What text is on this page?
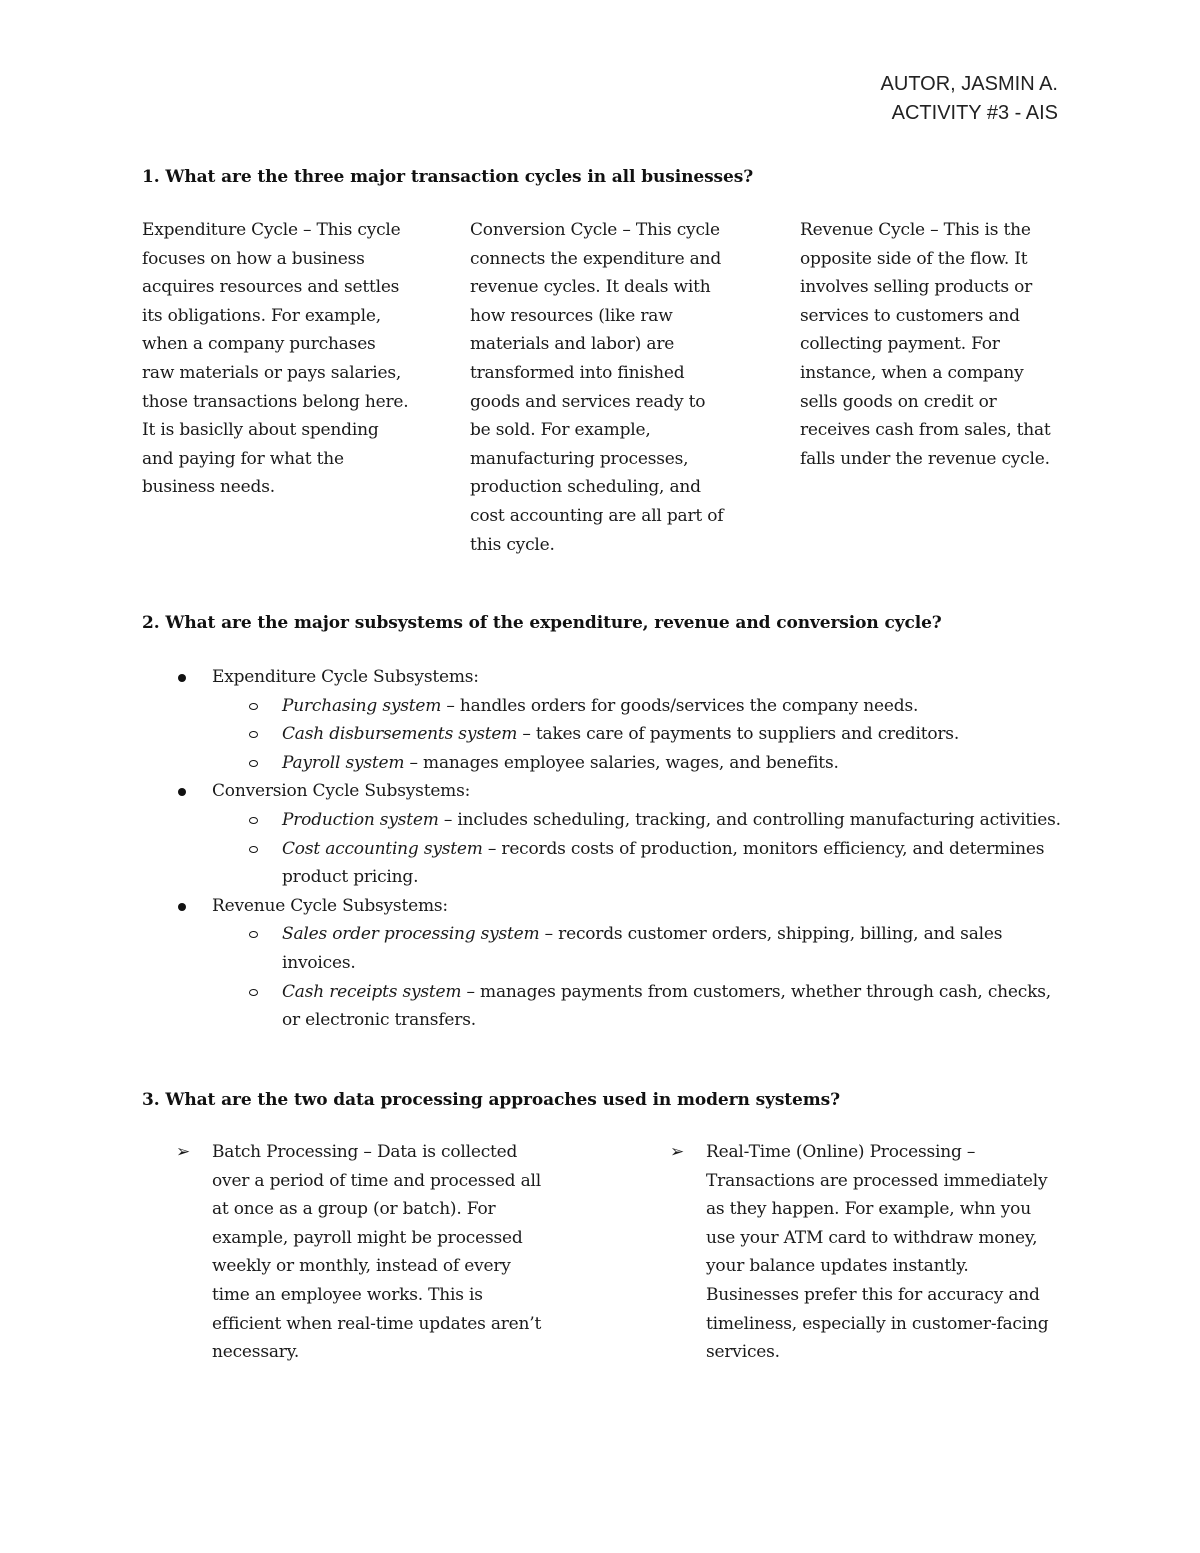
AUTOR, JASMIN A.
ACTIVITY #3 - AIS
1. What are the three major transaction cycles in all businesses?
Expenditure Cycle – This cycle focuses on how a business acquires resources and settles its obligations. For example, when a company purchases raw materials or pays salaries, those transactions belong here. It is basiclly about spending and paying for what the business needs.
Conversion Cycle – This cycle connects the expenditure and revenue cycles. It deals with how resources (like raw materials and labor) are transformed into finished goods and services ready to be sold. For example, manufacturing processes, production scheduling, and cost accounting are all part of this cycle.
Revenue Cycle – This is the opposite side of the flow. It involves selling products or services to customers and collecting payment. For instance, when a company sells goods on credit or receives cash from sales, that falls under the revenue cycle.
2. What are the major subsystems of the expenditure, revenue and conversion cycle?
Expenditure Cycle Subsystems:
Purchasing system – handles orders for goods/services the company needs.
Cash disbursements system – takes care of payments to suppliers and creditors.
Payroll system – manages employee salaries, wages, and benefits.
Conversion Cycle Subsystems:
Production system – includes scheduling, tracking, and controlling manufacturing activities.
Cost accounting system – records costs of production, monitors efficiency, and determines product pricing.
Revenue Cycle Subsystems:
Sales order processing system – records customer orders, shipping, billing, and sales invoices.
Cash receipts system – manages payments from customers, whether through cash, checks, or electronic transfers.
3. What are the two data processing approaches used in modern systems?
➢ Batch Processing – Data is collected over a period of time and processed all at once as a group (or batch). For example, payroll might be processed weekly or monthly, instead of every time an employee works. This is efficient when real-time updates aren’t necessary.
➢ Real-Time (Online) Processing – Transactions are processed immediately as they happen. For example, whn you use your ATM card to withdraw money, your balance updates instantly. Businesses prefer this for accuracy and timeliness, especially in customer-facing services.
